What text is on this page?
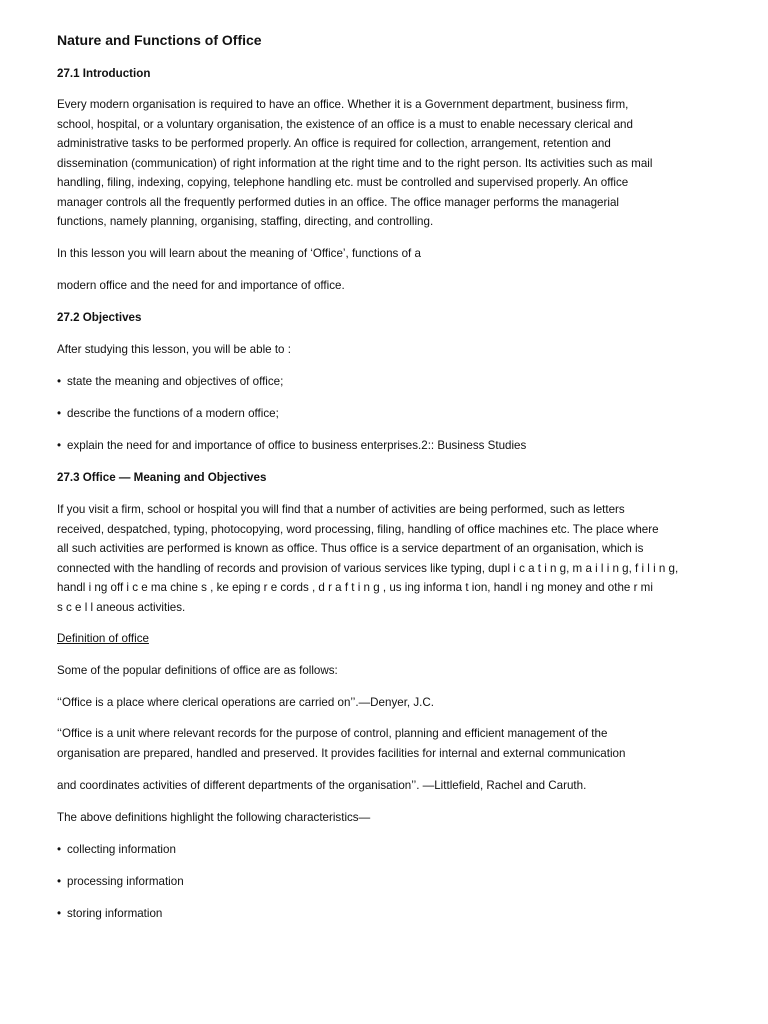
Nature and Functions of Office
27.1 Introduction
Every modern organisation is required to have an office. Whether it is a Government department, business firm,
school, hospital, or a voluntary organisation, the existence of an office is a must to enable necessary clerical and
administrative tasks to be performed properly. An office is required for collection, arrangement, retention and
dissemination (communication) of right information at the right time and to the right person. Its activities such as mail
handling, filing, indexing, copying, telephone handling etc. must be controlled and supervised properly. An office
manager controls all the frequently performed duties in an office. The office manager performs the managerial
functions, namely planning, organising, staffing, directing, and controlling.
In this lesson you will learn about the meaning of ‘Office’, functions of a
modern office and the need for and importance of office.
27.2 Objectives
After studying this lesson, you will be able to :
• state the meaning and objectives of office;
• describe the functions of a modern office;
• explain the need for and importance of office to business enterprises.2:: Business Studies
27.3 Office — Meaning and Objectives
If you visit a firm, school or hospital you will find that a number of activities are being performed, such as letters
received, despatched, typing, photocopying, word processing, filing, handling of office machines etc. The place where
all such activities are performed is known as office. Thus office is a service department of an organisation, which is
connected with the handling of records and provision of various services like typing, dupl i c a t i n g, m a i l i n g, f i l i n g,
handl i ng off i c e ma chine s , ke eping r e cords , d r a f t i n g , us ing informa t ion, handl i ng money and othe r mi
s c e l l aneous activities.
Definition of office
Some of the popular definitions of office are as follows:
‘‘Office is a place where clerical operations are carried on’’.—Denyer, J.C.
‘‘Office is a unit where relevant records for the purpose of control, planning and efficient management of the
organisation are prepared, handled and preserved. It provides facilities for internal and external communication
and coordinates activities of different departments of the organisation’’. —Littlefield, Rachel and Caruth.
The above definitions highlight the following characteristics—
• collecting information
• processing information
• storing information
